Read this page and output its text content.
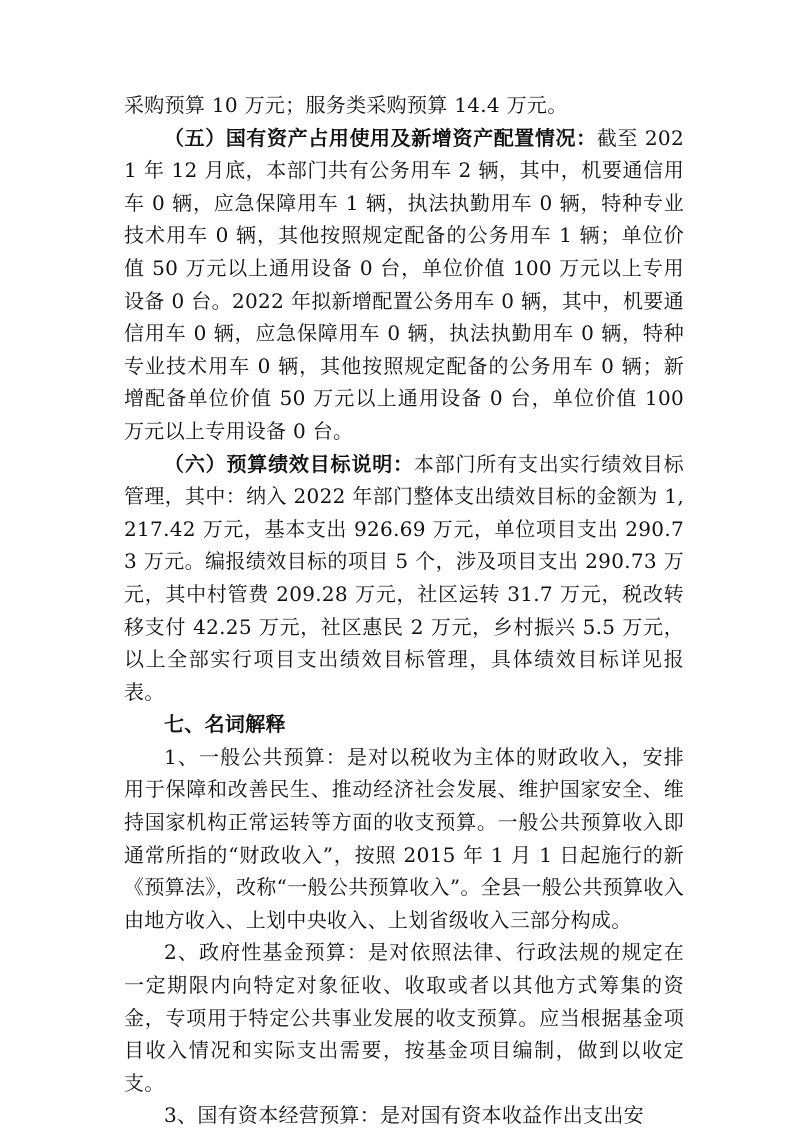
采购预算 10 万元；服务类采购预算 14.4 万元。

（五）国有资产占用使用及新增资产配置情况：截至 2021 年 12 月底，本部门共有公务用车 2 辆，其中，机要通信用车 0 辆，应急保障用车 1 辆，执法执勤用车 0 辆，特种专业技术用车 0 辆，其他按照规定配备的公务用车 1 辆；单位价值 50 万元以上通用设备 0 台，单位价值 100 万元以上专用设备 0 台。2022 年拟新增配置公务用车 0 辆，其中，机要通信用车 0 辆，应急保障用车 0 辆，执法执勤用车 0 辆，特种专业技术用车 0 辆，其他按照规定配备的公务用车 0 辆；新增配备单位价值 50 万元以上通用设备 0 台，单位价值 100 万元以上专用设备 0 台。

（六）预算绩效目标说明：本部门所有支出实行绩效目标管理，其中：纳入 2022 年部门整体支出绩效目标的金额为 1,217.42 万元，基本支出 926.69 万元，单位项目支出 290.73 万元。编报绩效目标的项目 5 个，涉及项目支出 290.73 万元，其中村管费 209.28 万元，社区运转 31.7 万元，税改转移支付 42.25 万元，社区惠民 2 万元，乡村振兴 5.5 万元，以上全部实行项目支出绩效目标管理，具体绩效目标详见报表。

七、名词解释

1、一般公共预算：是对以税收为主体的财政收入，安排用于保障和改善民生、推动经济社会发展、维护国家安全、维持国家机构正常运转等方面的收支预算。一般公共预算收入即通常所指的“财政收入”，按照 2015 年 1 月 1 日起施行的新《预算法》，改称“一般公共预算收入”。全县一般公共预算收入由地方收入、上划中央收入、上划省级收入三部分构成。

2、政府性基金预算：是对依照法律、行政法规的规定在一定期限内向特定对象征收、收取或者以其他方式筹集的资金，专项用于特定公共事业发展的收支预算。应当根据基金项目收入情况和实际支出需要，按基金项目编制，做到以收定支。

3、国有资本经营预算：是对国有资本收益作出支出安
